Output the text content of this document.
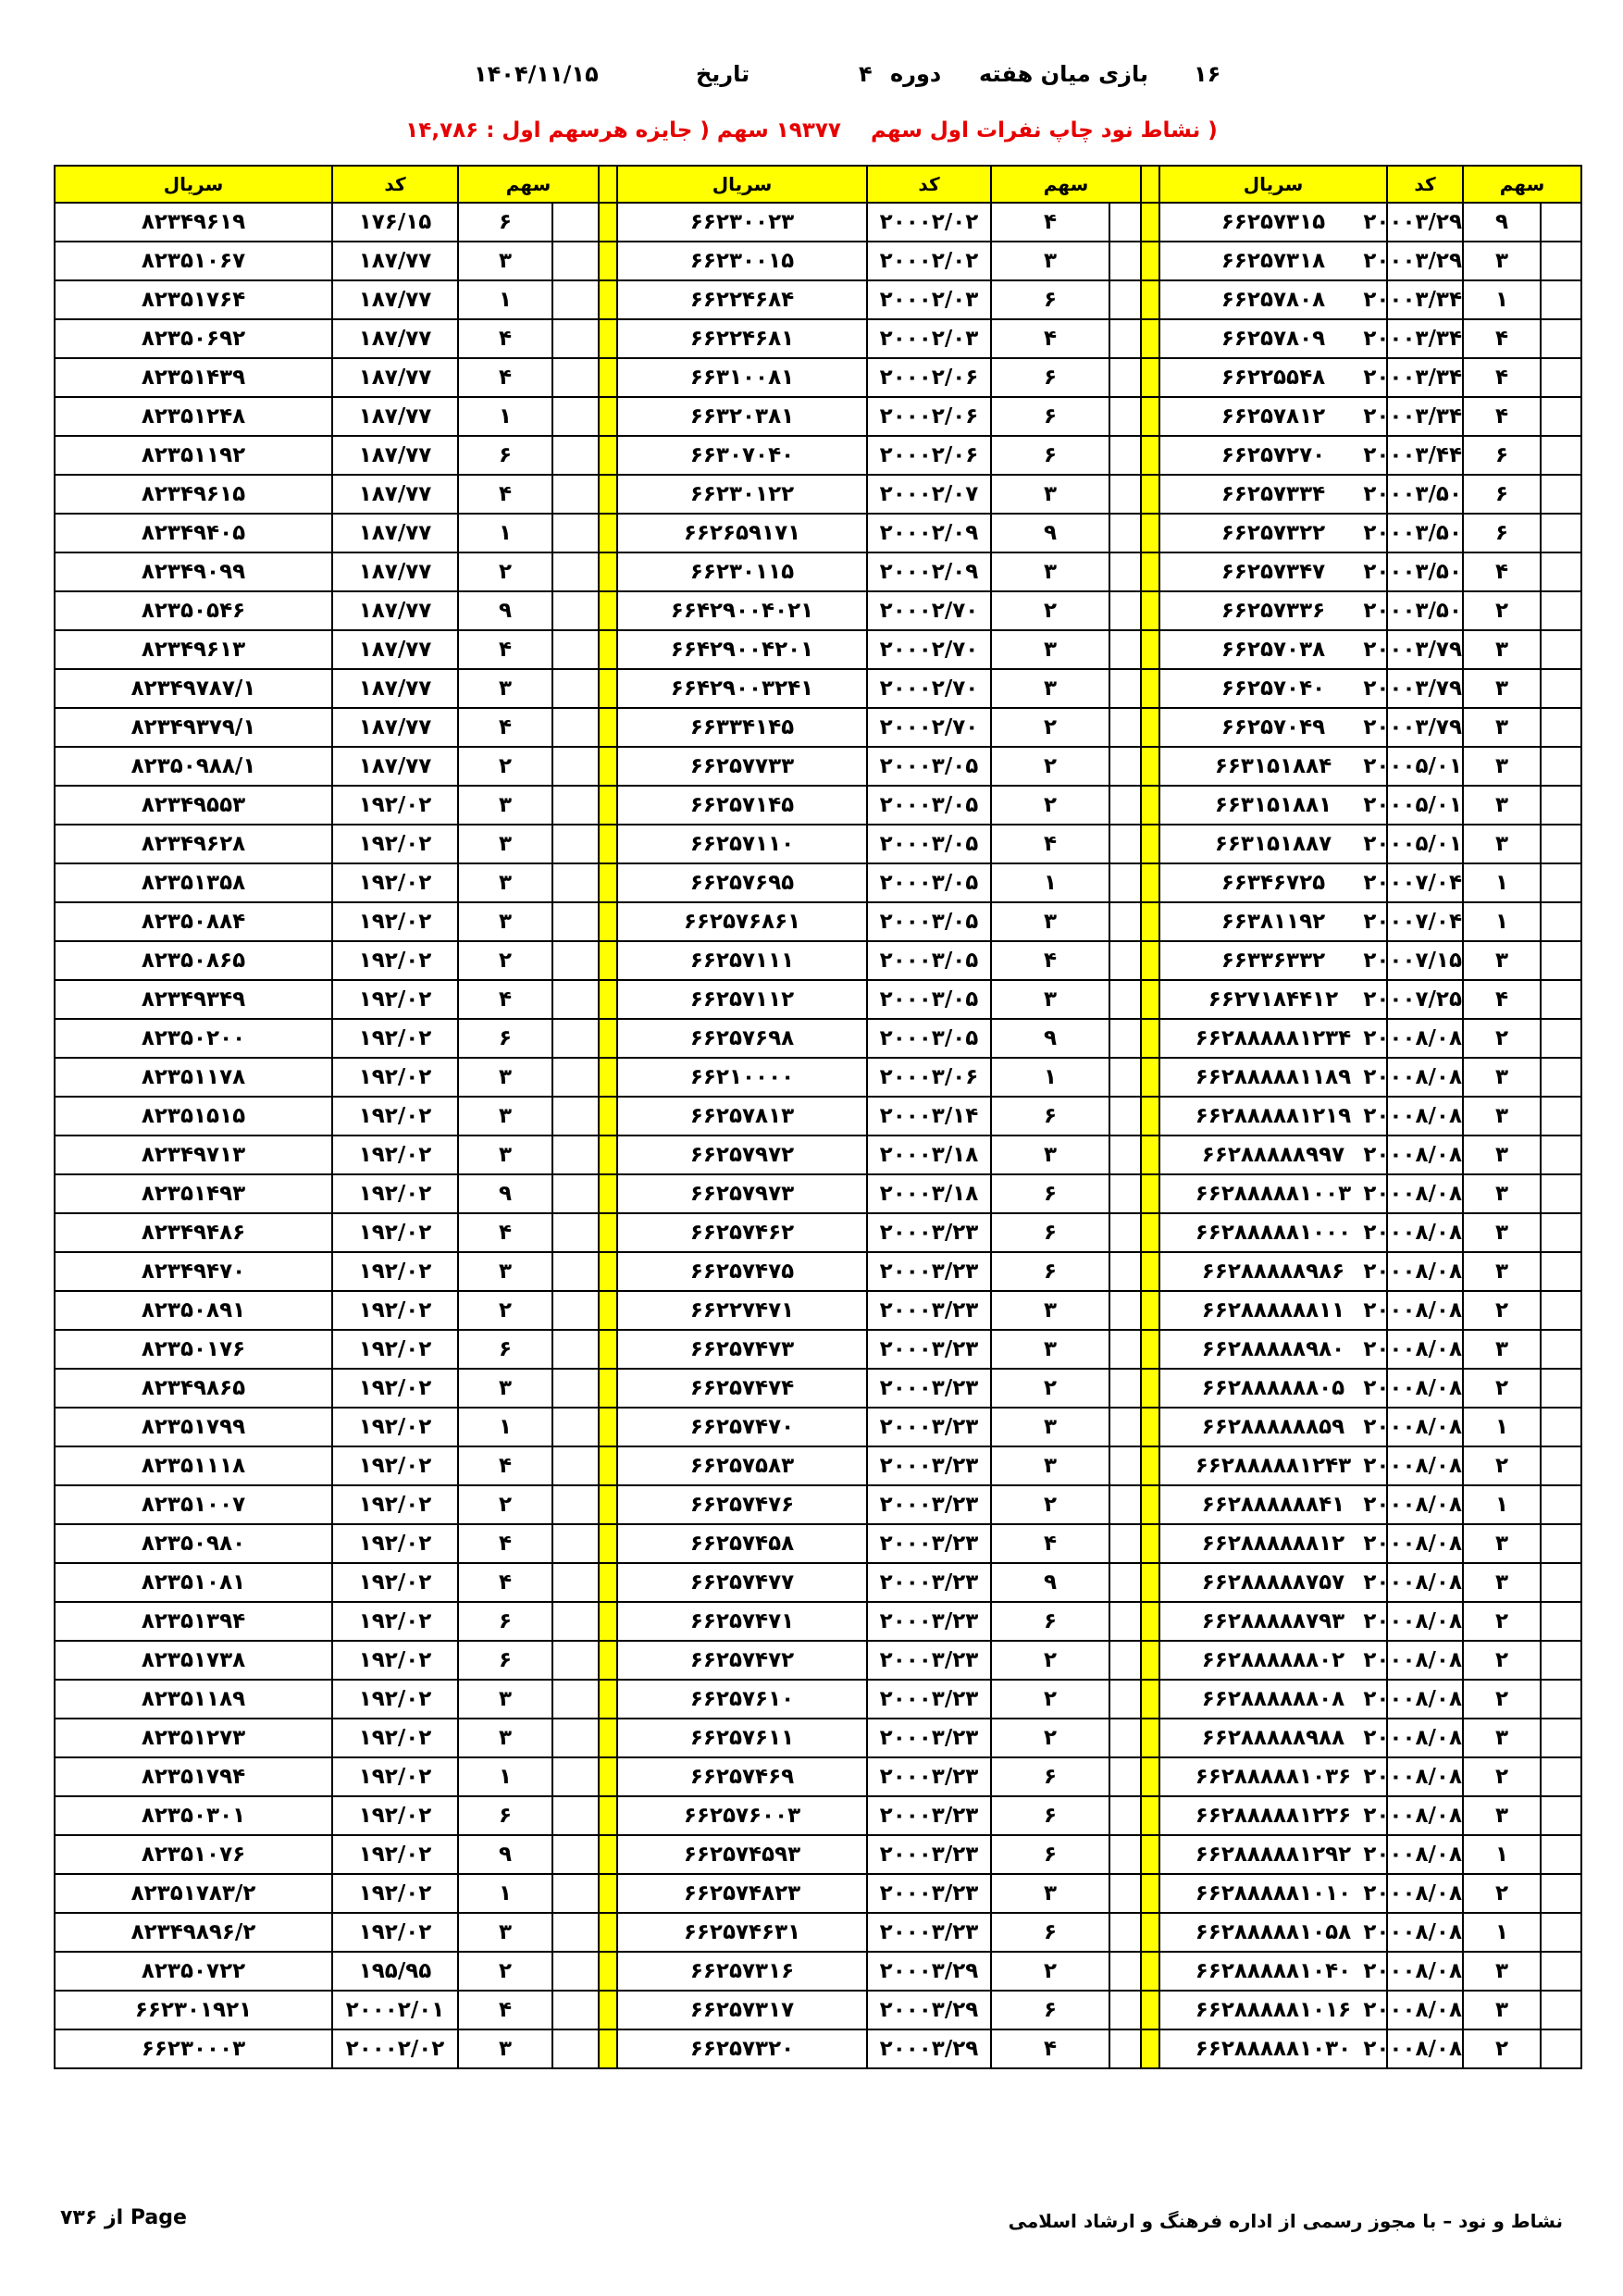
۱۶
بازی میان هفته
دوره
۴
تاریخ
۱۴۰۴/۱۱/۱۵
( نشاط نود چاپ نفرات اول سهم ۱۹۳۷۷ سهم ( جایزه هرسهم اول : ۱۴,۷۸۶
سهم		کد	سریال		سهم		کد	سریال		سهم		کد	سریال
	۹	۲۰۰۰۳/۲۹	۶۶۲۵۷۳۱۵			۴	۲۰۰۰۲/۰۲	۶۶۲۳۰۰۲۳			۶	۱۷۶/۱۵	۸۲۳۴۹۶۱۹
	۳	۲۰۰۰۳/۲۹	۶۶۲۵۷۳۱۸			۳	۲۰۰۰۲/۰۲	۶۶۲۳۰۰۱۵			۳	۱۸۷/۷۷	۸۲۳۵۱۰۶۷
	۱	۲۰۰۰۳/۳۴	۶۶۲۵۷۸۰۸			۶	۲۰۰۰۲/۰۳	۶۶۲۲۴۶۸۴			۱	۱۸۷/۷۷	۸۲۳۵۱۷۶۴
	۴	۲۰۰۰۳/۳۴	۶۶۲۵۷۸۰۹			۴	۲۰۰۰۲/۰۳	۶۶۲۲۴۶۸۱			۴	۱۸۷/۷۷	۸۲۳۵۰۶۹۲
	۴	۲۰۰۰۳/۳۴	۶۶۲۲۵۵۴۸			۶	۲۰۰۰۲/۰۶	۶۶۳۱۰۰۸۱			۴	۱۸۷/۷۷	۸۲۳۵۱۴۳۹
	۴	۲۰۰۰۳/۳۴	۶۶۲۵۷۸۱۲			۶	۲۰۰۰۲/۰۶	۶۶۳۲۰۳۸۱			۱	۱۸۷/۷۷	۸۲۳۵۱۲۴۸
	۶	۲۰۰۰۳/۴۴	۶۶۲۵۷۲۷۰			۶	۲۰۰۰۲/۰۶	۶۶۳۰۷۰۴۰			۶	۱۸۷/۷۷	۸۲۳۵۱۱۹۲
	۶	۲۰۰۰۳/۵۰	۶۶۲۵۷۳۳۴			۳	۲۰۰۰۲/۰۷	۶۶۲۳۰۱۲۲			۴	۱۸۷/۷۷	۸۲۳۴۹۶۱۵
	۶	۲۰۰۰۳/۵۰	۶۶۲۵۷۳۲۲			۹	۲۰۰۰۲/۰۹	۶۶۲۶۵۹۱۷۱			۱	۱۸۷/۷۷	۸۲۳۴۹۴۰۵
	۴	۲۰۰۰۳/۵۰	۶۶۲۵۷۳۴۷			۳	۲۰۰۰۲/۰۹	۶۶۲۳۰۱۱۵			۲	۱۸۷/۷۷	۸۲۳۴۹۰۹۹
	۲	۲۰۰۰۳/۵۰	۶۶۲۵۷۳۳۶			۲	۲۰۰۰۲/۷۰	۶۶۴۲۹۰۰۴۰۲۱			۹	۱۸۷/۷۷	۸۲۳۵۰۵۴۶
	۳	۲۰۰۰۳/۷۹	۶۶۲۵۷۰۳۸			۳	۲۰۰۰۲/۷۰	۶۶۴۲۹۰۰۴۲۰۱			۴	۱۸۷/۷۷	۸۲۳۴۹۶۱۳
	۳	۲۰۰۰۳/۷۹	۶۶۲۵۷۰۴۰			۳	۲۰۰۰۲/۷۰	۶۶۴۲۹۰۰۳۲۴۱			۳	۱۸۷/۷۷	۸۲۳۴۹۷۸۷/۱
	۳	۲۰۰۰۳/۷۹	۶۶۲۵۷۰۴۹			۲	۲۰۰۰۲/۷۰	۶۶۳۳۴۱۴۵			۴	۱۸۷/۷۷	۸۲۳۴۹۳۷۹/۱
	۳	۲۰۰۰۵/۰۱	۶۶۳۱۵۱۸۸۴			۲	۲۰۰۰۳/۰۵	۶۶۲۵۷۷۳۳			۲	۱۸۷/۷۷	۸۲۳۵۰۹۸۸/۱
	۳	۲۰۰۰۵/۰۱	۶۶۳۱۵۱۸۸۱			۲	۲۰۰۰۳/۰۵	۶۶۲۵۷۱۴۵			۳	۱۹۲/۰۲	۸۲۳۴۹۵۵۳
	۳	۲۰۰۰۵/۰۱	۶۶۳۱۵۱۸۸۷			۴	۲۰۰۰۳/۰۵	۶۶۲۵۷۱۱۰			۳	۱۹۲/۰۲	۸۲۳۴۹۶۲۸
	۱	۲۰۰۰۷/۰۴	۶۶۳۴۶۷۲۵			۱	۲۰۰۰۳/۰۵	۶۶۲۵۷۶۹۵			۳	۱۹۲/۰۲	۸۲۳۵۱۳۵۸
	۱	۲۰۰۰۷/۰۴	۶۶۳۸۱۱۹۲			۳	۲۰۰۰۳/۰۵	۶۶۲۵۷۶۸۶۱			۳	۱۹۲/۰۲	۸۲۳۵۰۸۸۴
	۳	۲۰۰۰۷/۱۵	۶۶۳۳۶۳۳۲			۴	۲۰۰۰۳/۰۵	۶۶۲۵۷۱۱۱			۲	۱۹۲/۰۲	۸۲۳۵۰۸۶۵
	۴	۲۰۰۰۷/۲۵	۶۶۲۷۱۸۴۴۱۲			۳	۲۰۰۰۳/۰۵	۶۶۲۵۷۱۱۲			۴	۱۹۲/۰۲	۸۲۳۴۹۳۴۹
	۲	۲۰۰۰۸/۰۸	۶۶۲۸۸۸۸۸۱۲۳۴			۹	۲۰۰۰۳/۰۵	۶۶۲۵۷۶۹۸			۶	۱۹۲/۰۲	۸۲۳۵۰۲۰۰
	۳	۲۰۰۰۸/۰۸	۶۶۲۸۸۸۸۸۱۱۸۹			۱	۲۰۰۰۳/۰۶	۶۶۲۱۰۰۰۰			۳	۱۹۲/۰۲	۸۲۳۵۱۱۷۸
	۳	۲۰۰۰۸/۰۸	۶۶۲۸۸۸۸۸۱۲۱۹			۶	۲۰۰۰۳/۱۴	۶۶۲۵۷۸۱۳			۳	۱۹۲/۰۲	۸۲۳۵۱۵۱۵
	۳	۲۰۰۰۸/۰۸	۶۶۲۸۸۸۸۸۹۹۷			۳	۲۰۰۰۳/۱۸	۶۶۲۵۷۹۷۲			۳	۱۹۲/۰۲	۸۲۳۴۹۷۱۳
	۳	۲۰۰۰۸/۰۸	۶۶۲۸۸۸۸۸۱۰۰۳			۶	۲۰۰۰۳/۱۸	۶۶۲۵۷۹۷۳			۹	۱۹۲/۰۲	۸۲۳۵۱۴۹۳
	۳	۲۰۰۰۸/۰۸	۶۶۲۸۸۸۸۸۱۰۰۰			۶	۲۰۰۰۳/۲۳	۶۶۲۵۷۴۶۲			۴	۱۹۲/۰۲	۸۲۳۴۹۴۸۶
	۳	۲۰۰۰۸/۰۸	۶۶۲۸۸۸۸۸۹۸۶			۶	۲۰۰۰۳/۲۳	۶۶۲۵۷۴۷۵			۳	۱۹۲/۰۲	۸۲۳۴۹۴۷۰
	۲	۲۰۰۰۸/۰۸	۶۶۲۸۸۸۸۸۸۱۱			۳	۲۰۰۰۳/۲۳	۶۶۲۲۷۴۷۱			۲	۱۹۲/۰۲	۸۲۳۵۰۸۹۱
	۳	۲۰۰۰۸/۰۸	۶۶۲۸۸۸۸۸۹۸۰			۳	۲۰۰۰۳/۲۳	۶۶۲۵۷۴۷۳			۶	۱۹۲/۰۲	۸۲۳۵۰۱۷۶
	۲	۲۰۰۰۸/۰۸	۶۶۲۸۸۸۸۸۸۰۵			۲	۲۰۰۰۳/۲۳	۶۶۲۵۷۴۷۴			۳	۱۹۲/۰۲	۸۲۳۴۹۸۶۵
	۱	۲۰۰۰۸/۰۸	۶۶۲۸۸۸۸۸۸۵۹			۳	۲۰۰۰۳/۲۳	۶۶۲۵۷۴۷۰			۱	۱۹۲/۰۲	۸۲۳۵۱۷۹۹
	۲	۲۰۰۰۸/۰۸	۶۶۲۸۸۸۸۸۱۲۴۳			۳	۲۰۰۰۳/۲۳	۶۶۲۵۷۵۸۳			۴	۱۹۲/۰۲	۸۲۳۵۱۱۱۸
	۱	۲۰۰۰۸/۰۸	۶۶۲۸۸۸۸۸۸۴۱			۲	۲۰۰۰۳/۲۳	۶۶۲۵۷۴۷۶			۲	۱۹۲/۰۲	۸۲۳۵۱۰۰۷
	۳	۲۰۰۰۸/۰۸	۶۶۲۸۸۸۸۸۸۱۲			۴	۲۰۰۰۳/۲۳	۶۶۲۵۷۴۵۸			۴	۱۹۲/۰۲	۸۲۳۵۰۹۸۰
	۳	۲۰۰۰۸/۰۸	۶۶۲۸۸۸۸۸۷۵۷			۹	۲۰۰۰۳/۲۳	۶۶۲۵۷۴۷۷			۴	۱۹۲/۰۲	۸۲۳۵۱۰۸۱
	۲	۲۰۰۰۸/۰۸	۶۶۲۸۸۸۸۸۷۹۳			۶	۲۰۰۰۳/۲۳	۶۶۲۵۷۴۷۱			۶	۱۹۲/۰۲	۸۲۳۵۱۳۹۴
	۲	۲۰۰۰۸/۰۸	۶۶۲۸۸۸۸۸۸۰۲			۲	۲۰۰۰۳/۲۳	۶۶۲۵۷۴۷۲			۶	۱۹۲/۰۲	۸۲۳۵۱۷۳۸
	۲	۲۰۰۰۸/۰۸	۶۶۲۸۸۸۸۸۸۰۸			۲	۲۰۰۰۳/۲۳	۶۶۲۵۷۶۱۰			۳	۱۹۲/۰۲	۸۲۳۵۱۱۸۹
	۳	۲۰۰۰۸/۰۸	۶۶۲۸۸۸۸۸۹۸۸			۲	۲۰۰۰۳/۲۳	۶۶۲۵۷۶۱۱			۳	۱۹۲/۰۲	۸۲۳۵۱۲۷۳
	۲	۲۰۰۰۸/۰۸	۶۶۲۸۸۸۸۸۱۰۳۶			۶	۲۰۰۰۳/۲۳	۶۶۲۵۷۴۶۹			۱	۱۹۲/۰۲	۸۲۳۵۱۷۹۴
	۳	۲۰۰۰۸/۰۸	۶۶۲۸۸۸۸۸۱۲۲۶			۶	۲۰۰۰۳/۲۳	۶۶۲۵۷۶۰۰۳			۶	۱۹۲/۰۲	۸۲۳۵۰۳۰۱
	۱	۲۰۰۰۸/۰۸	۶۶۲۸۸۸۸۸۱۲۹۲			۶	۲۰۰۰۳/۲۳	۶۶۲۵۷۴۵۹۳			۹	۱۹۲/۰۲	۸۲۳۵۱۰۷۶
	۲	۲۰۰۰۸/۰۸	۶۶۲۸۸۸۸۸۱۰۱۰			۳	۲۰۰۰۳/۲۳	۶۶۲۵۷۴۸۲۳			۱	۱۹۲/۰۲	۸۲۳۵۱۷۸۳/۲
	۱	۲۰۰۰۸/۰۸	۶۶۲۸۸۸۸۸۱۰۵۸			۶	۲۰۰۰۳/۲۳	۶۶۲۵۷۴۶۳۱			۳	۱۹۲/۰۲	۸۲۳۴۹۸۹۶/۲
	۳	۲۰۰۰۸/۰۸	۶۶۲۸۸۸۸۸۱۰۴۰			۲	۲۰۰۰۳/۲۹	۶۶۲۵۷۳۱۶			۲	۱۹۵/۹۵	۸۲۳۵۰۷۲۲
	۳	۲۰۰۰۸/۰۸	۶۶۲۸۸۸۸۸۱۰۱۶			۶	۲۰۰۰۳/۲۹	۶۶۲۵۷۳۱۷			۴	۲۰۰۰۲/۰۱	۶۶۲۳۰۱۹۲۱
	۲	۲۰۰۰۸/۰۸	۶۶۲۸۸۸۸۸۱۰۳۰			۴	۲۰۰۰۳/۲۹	۶۶۲۵۷۳۲۰			۳	۲۰۰۰۲/۰۲	۶۶۲۳۰۰۰۳
از ۷۳۶ Page	نشاط و نود – با مجوز رسمی از اداره فرهنگ و ارشاد اسلامی
